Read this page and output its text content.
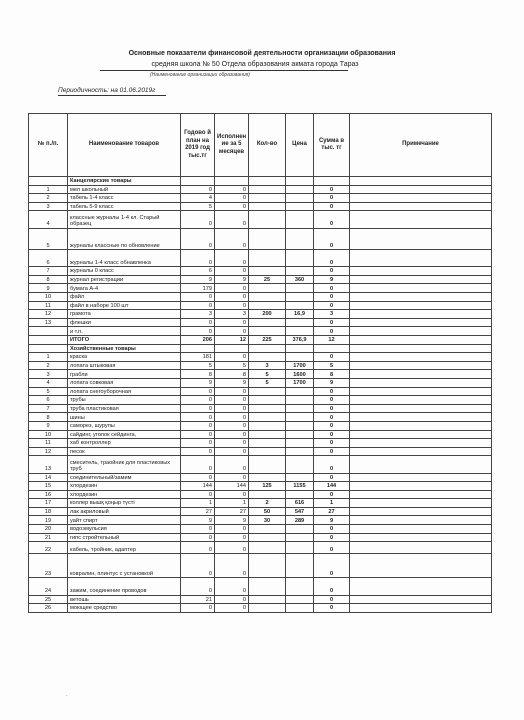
Основные показатели финансовой деятельности организации образования
средняя школа № 50 Отдела образования акмата города Тараз
(Наименование организации образования)
Периодичность: на 01.06.2019г
№ п./п.	Наименование товаров	Годово й план на 2019 год тыс.тг	Исполнен ие за 5 месяцев	Кол-во	Цена	Сумма в тыс. тг	Примечание
	Канцелярские товары						
1	мел школьный	0	0			0	
2	табель 1-4 класс	4	0			0	
3	табель 5-9 класс	5	0			0	
4	классные журналы 1-4 кл. Старый образец	0	0			0	
5	журналы классные по обновление	0	0			0	
6	журналы 1-4 класс обнавленка	0	0			0	
7	журналы 0 класс	6	0			0	
8	журнал регистрации	9	9	25	360	9	
9	бумага А-4	179	0			0	
10	файл	0	0			0	
11	файл в наборе 100 шт	0	0			0	
12	грамота	3	3	200	16,9	3	
13	флешки	0	0			0	
	и т.п.	0	0			0	
	ИТОГО	206	12	225	376,9	12	
	Хозяйственные товары						
1	краска	181	0			0	
2	лопата штыковая	5	5	3	1700	5	
3	грабли	8	8	5	1600	8	
4	лопата совковая	9	9	5	1700	9	
5	лопата снегоуборочная	0	0			0	
6	трубы	0	0			0	
7	труба пластиковая	0	0			0	
8	шины	0	0			0	
9	саморез, шурупы	0	0			0	
10	сайдинг, уголок сейдинга,	0	0			0	
11	хаб контроллер	0	0			0	
12	песок	0	0			0	
13	смеситель, траойник для пластиковых труб	0	0			0	
14	соединительный/замим	0	0			0	
15	хлордезин	144	144	125	1155	144	
16	хлордезин	0	0			0	
17	коллер вышқ қоңыр түсті	1	1	2	616	1	
18	лак акриловый	27	27	50	547	27	
19	уайт спирт	9	9	30	289	9	
20	водоэмульсия	0	0			0	
21	гипс стройтельный	0	0			0	
22	кабель, тройник, адаптер	0	0			0	
23	ковралин, плинтус с установкой	0	0			0	
24	зажим, соединение проводов	0	0			0	
25	ветошь	21	0			0	
26	моющее средство	0	0			0	
.
